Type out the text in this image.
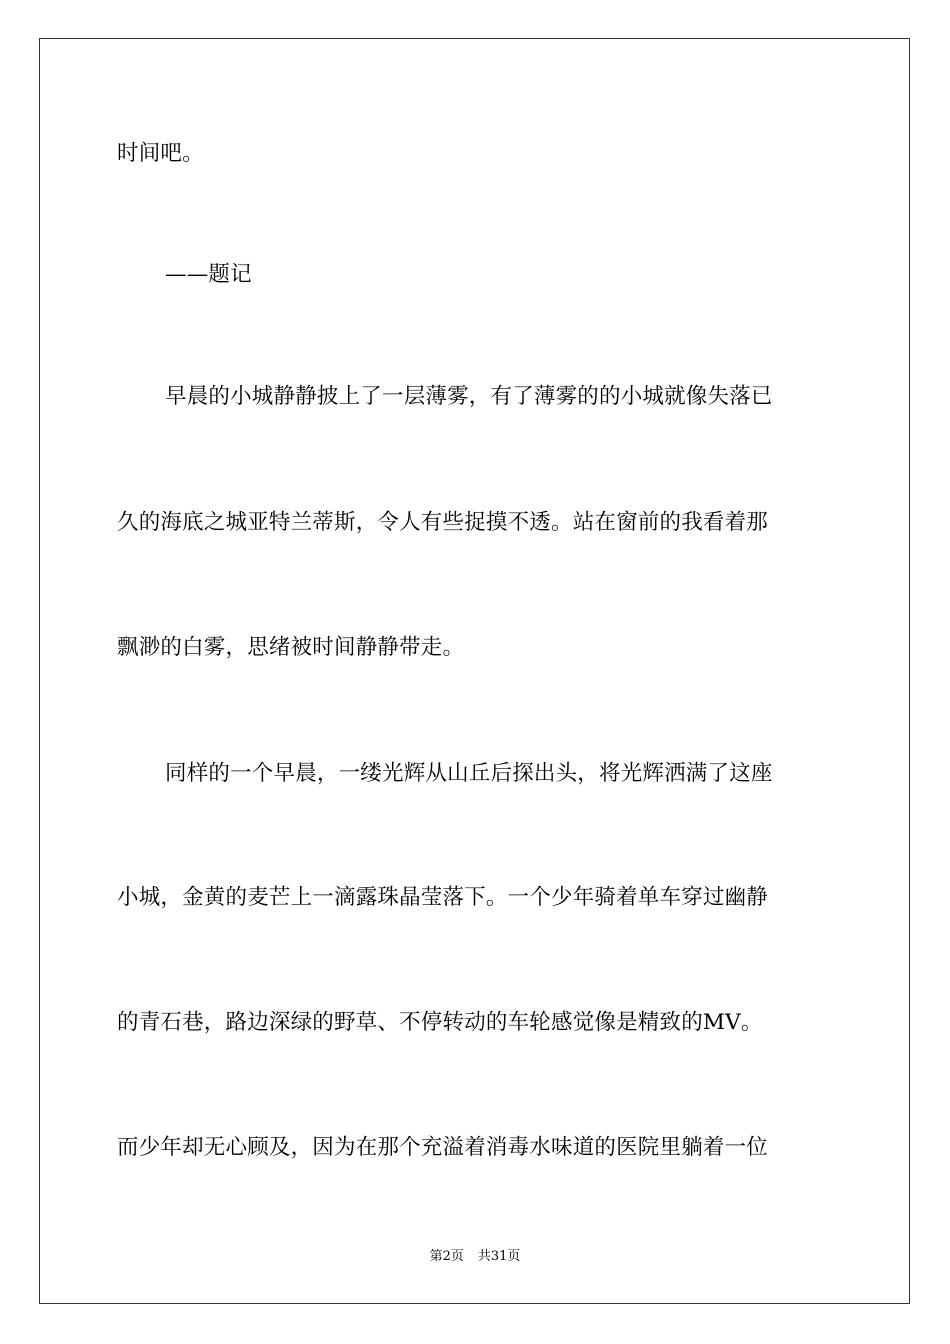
时间吧。
——题记
早晨的小城静静披上了一层薄雾，有了薄雾的的小城就像失落已
久的海底之城亚特兰蒂斯，令人有些捉摸不透。站在窗前的我看着那
飘渺的白雾，思绪被时间静静带走。
同样的一个早晨，一缕光辉从山丘后探出头，将光辉洒满了这座
小城，金黄的麦芒上一滴露珠晶莹落下。一个少年骑着单车穿过幽静
的青石巷，路边深绿的野草、不停转动的车轮感觉像是精致的MV。
而少年却无心顾及，因为在那个充溢着消毒水味道的医院里躺着一位
第2页 共31页
